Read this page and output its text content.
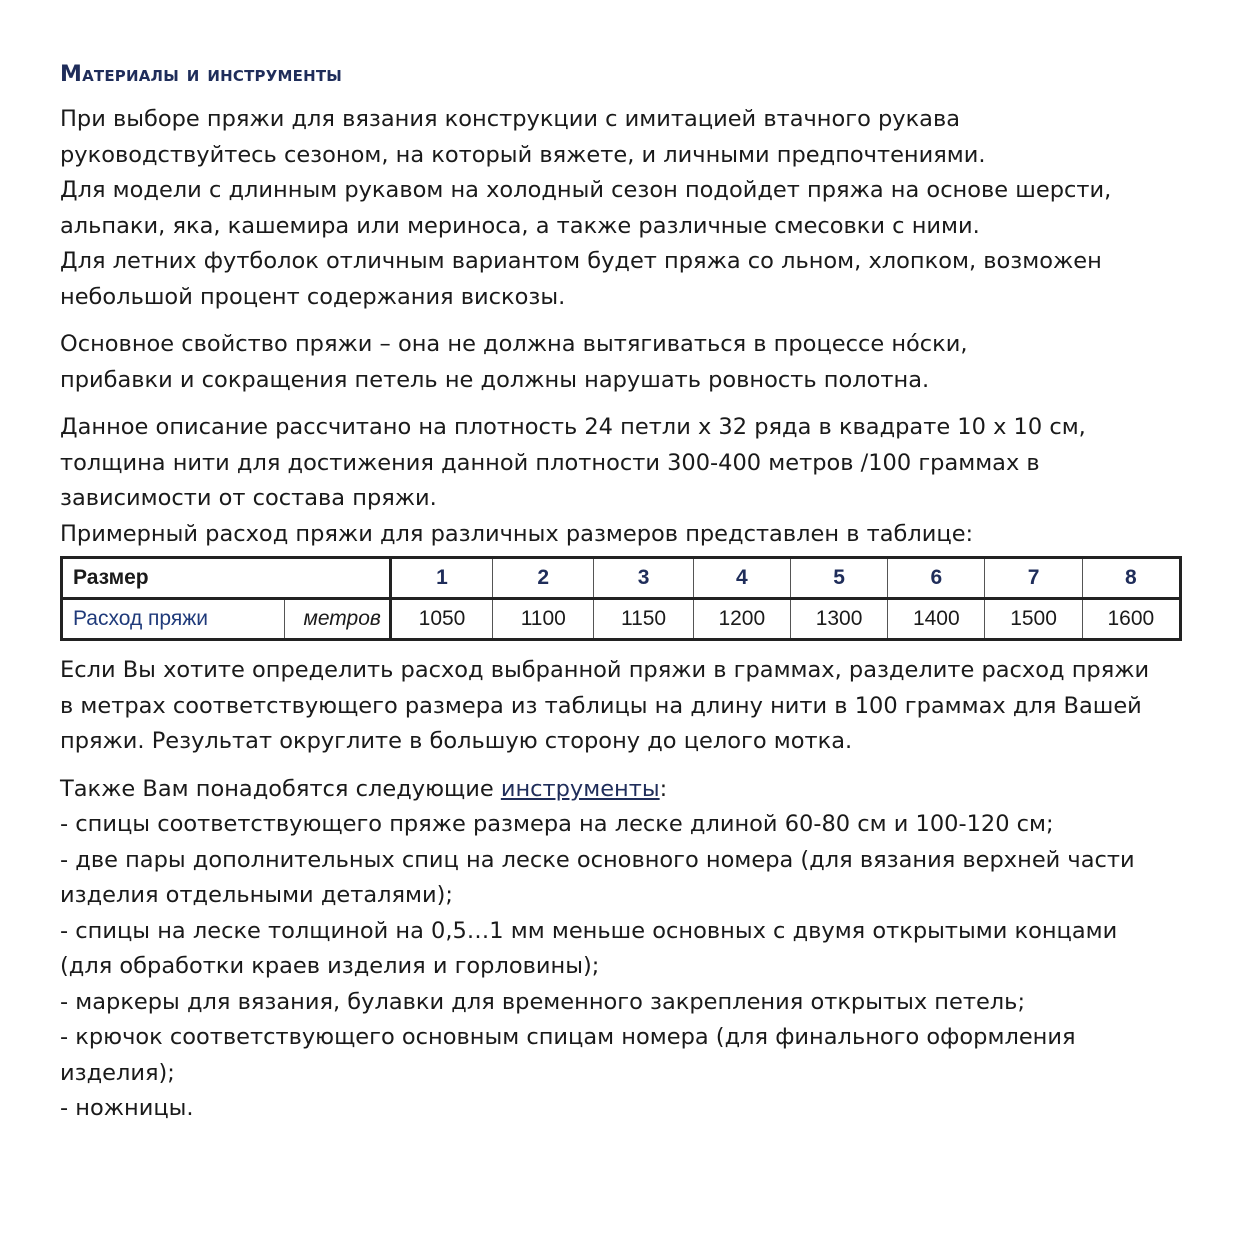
Материалы и инструменты

При выборе пряжи для вязания конструкции с имитацией втачного рукава
руководствуйтесь сезоном, на который вяжете, и личными предпочтениями.
Для модели с длинным рукавом на холодный сезон подойдет пряжа на основе шерсти,
альпаки, яка, кашемира или мериноса, а также различные смесовки с ними.
Для летних футболок отличным вариантом будет пряжа со льном, хлопком, возможен
небольшой процент содержания вискозы.

Основное свойство пряжи – она не должна вытягиваться в процессе нóски,
прибавки и сокращения петель не должны нарушать ровность полотна.

Данное описание рассчитано на плотность 24 петли х 32 ряда в квадрате 10 х 10 см,
толщина нити для достижения данной плотности 300-400 метров /100 граммах в
зависимости от состава пряжи.
Примерный расход пряжи для различных размеров представлен в таблице:

Размер		1	2	3	4	5	6	7	8
Расход пряжи	метров	1050	1100	1150	1200	1300	1400	1500	1600

Если Вы хотите определить расход выбранной пряжи в граммах, разделите расход пряжи
в метрах соответствующего размера из таблицы на длину нити в 100 граммах для Вашей
пряжи. Результат округлите в большую сторону до целого мотка.

Также Вам понадобятся следующие инструменты:
- спицы соответствующего пряже размера на леске длиной 60-80 см и 100-120 см;
- две пары дополнительных спиц на леске основного номера (для вязания верхней части
изделия отдельными деталями);
- спицы на леске толщиной на 0,5…1 мм меньше основных с двумя открытыми концами
(для обработки краев изделия и горловины);
- маркеры для вязания, булавки для временного закрепления открытых петель;
- крючок соответствующего основным спицам номера (для финального оформления
изделия);
- ножницы.
